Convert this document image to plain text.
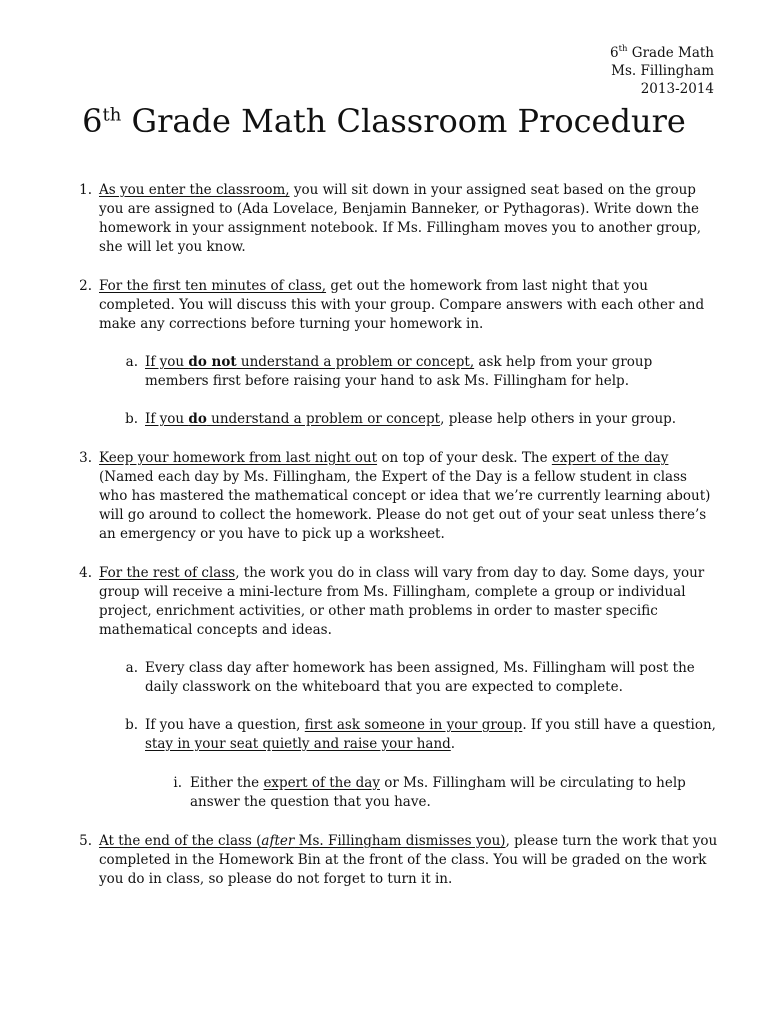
6th Grade Math
Ms. Fillingham
2013-2014
6th Grade Math Classroom Procedure
1. As you enter the classroom, you will sit down in your assigned seat based on the group you are assigned to (Ada Lovelace, Benjamin Banneker, or Pythagoras). Write down the homework in your assignment notebook. If Ms. Fillingham moves you to another group, she will let you know.
2. For the first ten minutes of class, get out the homework from last night that you completed. You will discuss this with your group. Compare answers with each other and make any corrections before turning your homework in.
a. If you do not understand a problem or concept, ask help from your group members first before raising your hand to ask Ms. Fillingham for help.
b. If you do understand a problem or concept, please help others in your group.
3. Keep your homework from last night out on top of your desk. The expert of the day (Named each day by Ms. Fillingham, the Expert of the Day is a fellow student in class who has mastered the mathematical concept or idea that we’re currently learning about) will go around to collect the homework. Please do not get out of your seat unless there’s an emergency or you have to pick up a worksheet.
4. For the rest of class, the work you do in class will vary from day to day. Some days, your group will receive a mini-lecture from Ms. Fillingham, complete a group or individual project, enrichment activities, or other math problems in order to master specific mathematical concepts and ideas.
a. Every class day after homework has been assigned, Ms. Fillingham will post the daily classwork on the whiteboard that you are expected to complete.
b. If you have a question, first ask someone in your group. If you still have a question, stay in your seat quietly and raise your hand.
i. Either the expert of the day or Ms. Fillingham will be circulating to help answer the question that you have.
5. At the end of the class (after Ms. Fillingham dismisses you), please turn the work that you completed in the Homework Bin at the front of the class. You will be graded on the work you do in class, so please do not forget to turn it in.
